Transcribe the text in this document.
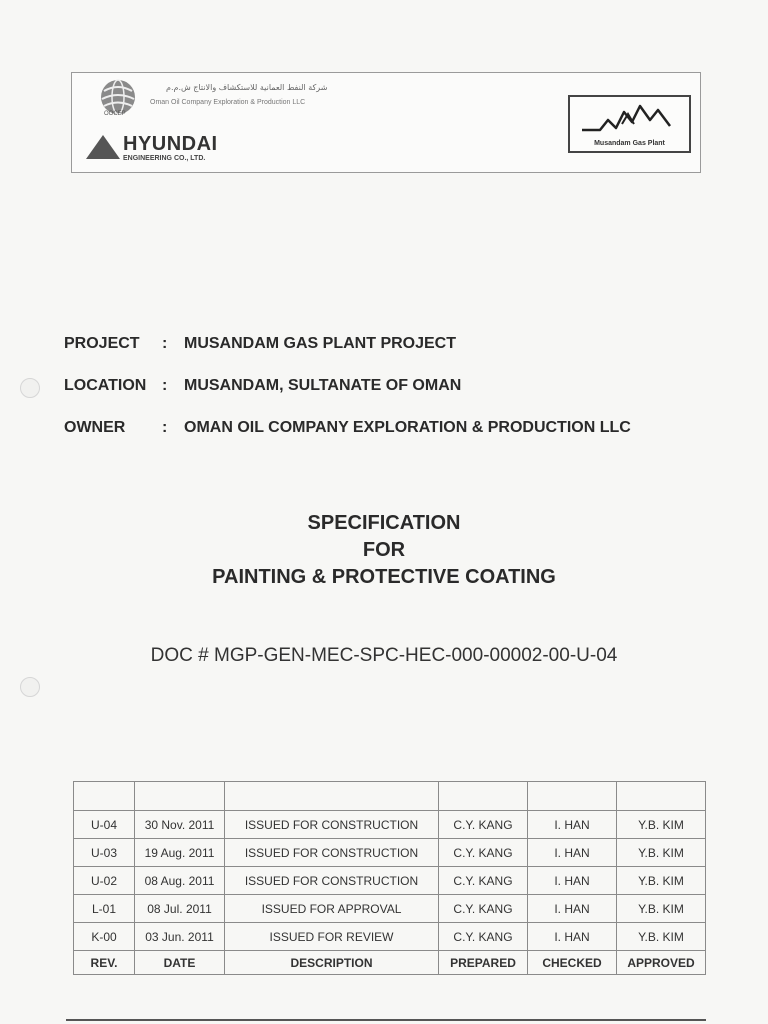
OOCEP
شركة النفط العمانية للاستكشاف والانتاج ش.م.م
Oman Oil Company Exploration & Production LLC
HYUNDAI
ENGINEERING CO., LTD.
Musandam Gas Plant
PROJECT : MUSANDAM GAS PLANT PROJECT
LOCATION : MUSANDAM, SULTANATE OF OMAN
OWNER : OMAN OIL COMPANY EXPLORATION & PRODUCTION LLC
SPECIFICATION
FOR
PAINTING & PROTECTIVE COATING
DOC # MGP-GEN-MEC-SPC-HEC-000-00002-00-U-04

U-04	30 Nov. 2011	ISSUED FOR CONSTRUCTION	C.Y. KANG	I. HAN	Y.B. KIM
U-03	19 Aug. 2011	ISSUED FOR CONSTRUCTION	C.Y. KANG	I. HAN	Y.B. KIM
U-02	08 Aug. 2011	ISSUED FOR CONSTRUCTION	C.Y. KANG	I. HAN	Y.B. KIM
L-01	08 Jul. 2011	ISSUED FOR APPROVAL	C.Y. KANG	I. HAN	Y.B. KIM
K-00	03 Jun. 2011	ISSUED FOR REVIEW	C.Y. KANG	I. HAN	Y.B. KIM
REV.	DATE	DESCRIPTION	PREPARED	CHECKED	APPROVED
